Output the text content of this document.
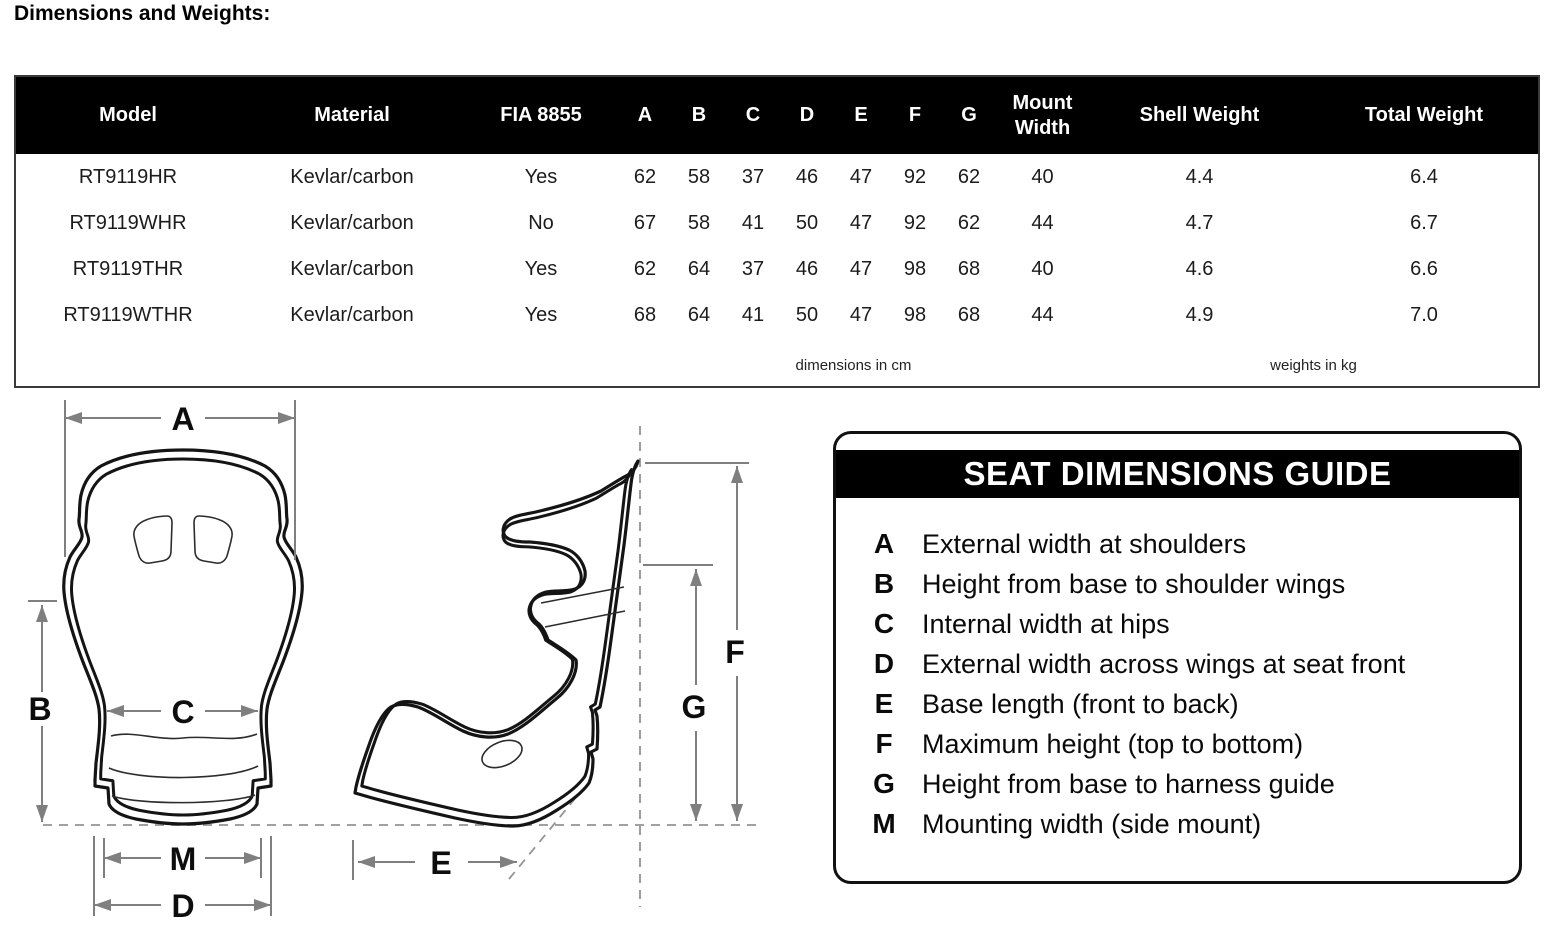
Dimensions and Weights:
Model	Material	FIA 8855	A	B	C	D	E	F	G	Mount Width	Shell Weight	Total Weight
RT9119HR	Kevlar/carbon	Yes	62	58	37	46	47	92	62	40	4.4	6.4
RT9119WHR	Kevlar/carbon	No	67	58	41	50	47	92	62	44	4.7	6.7
RT9119THR	Kevlar/carbon	Yes	62	64	37	46	47	98	68	40	4.6	6.6
RT9119WTHR	Kevlar/carbon	Yes	68	64	41	50	47	98	68	44	4.9	7.0
			dimensions in cm								weights in kg	
A
B	C
M
D
E
F
G
SEAT DIMENSIONS GUIDE
A	External width at shoulders
B	Height from base to shoulder wings
C	Internal width at hips
D	External width across wings at seat front
E	Base length (front to back)
F	Maximum height (top to bottom)
G	Height from base to harness guide
M Mounting width (side mount)
